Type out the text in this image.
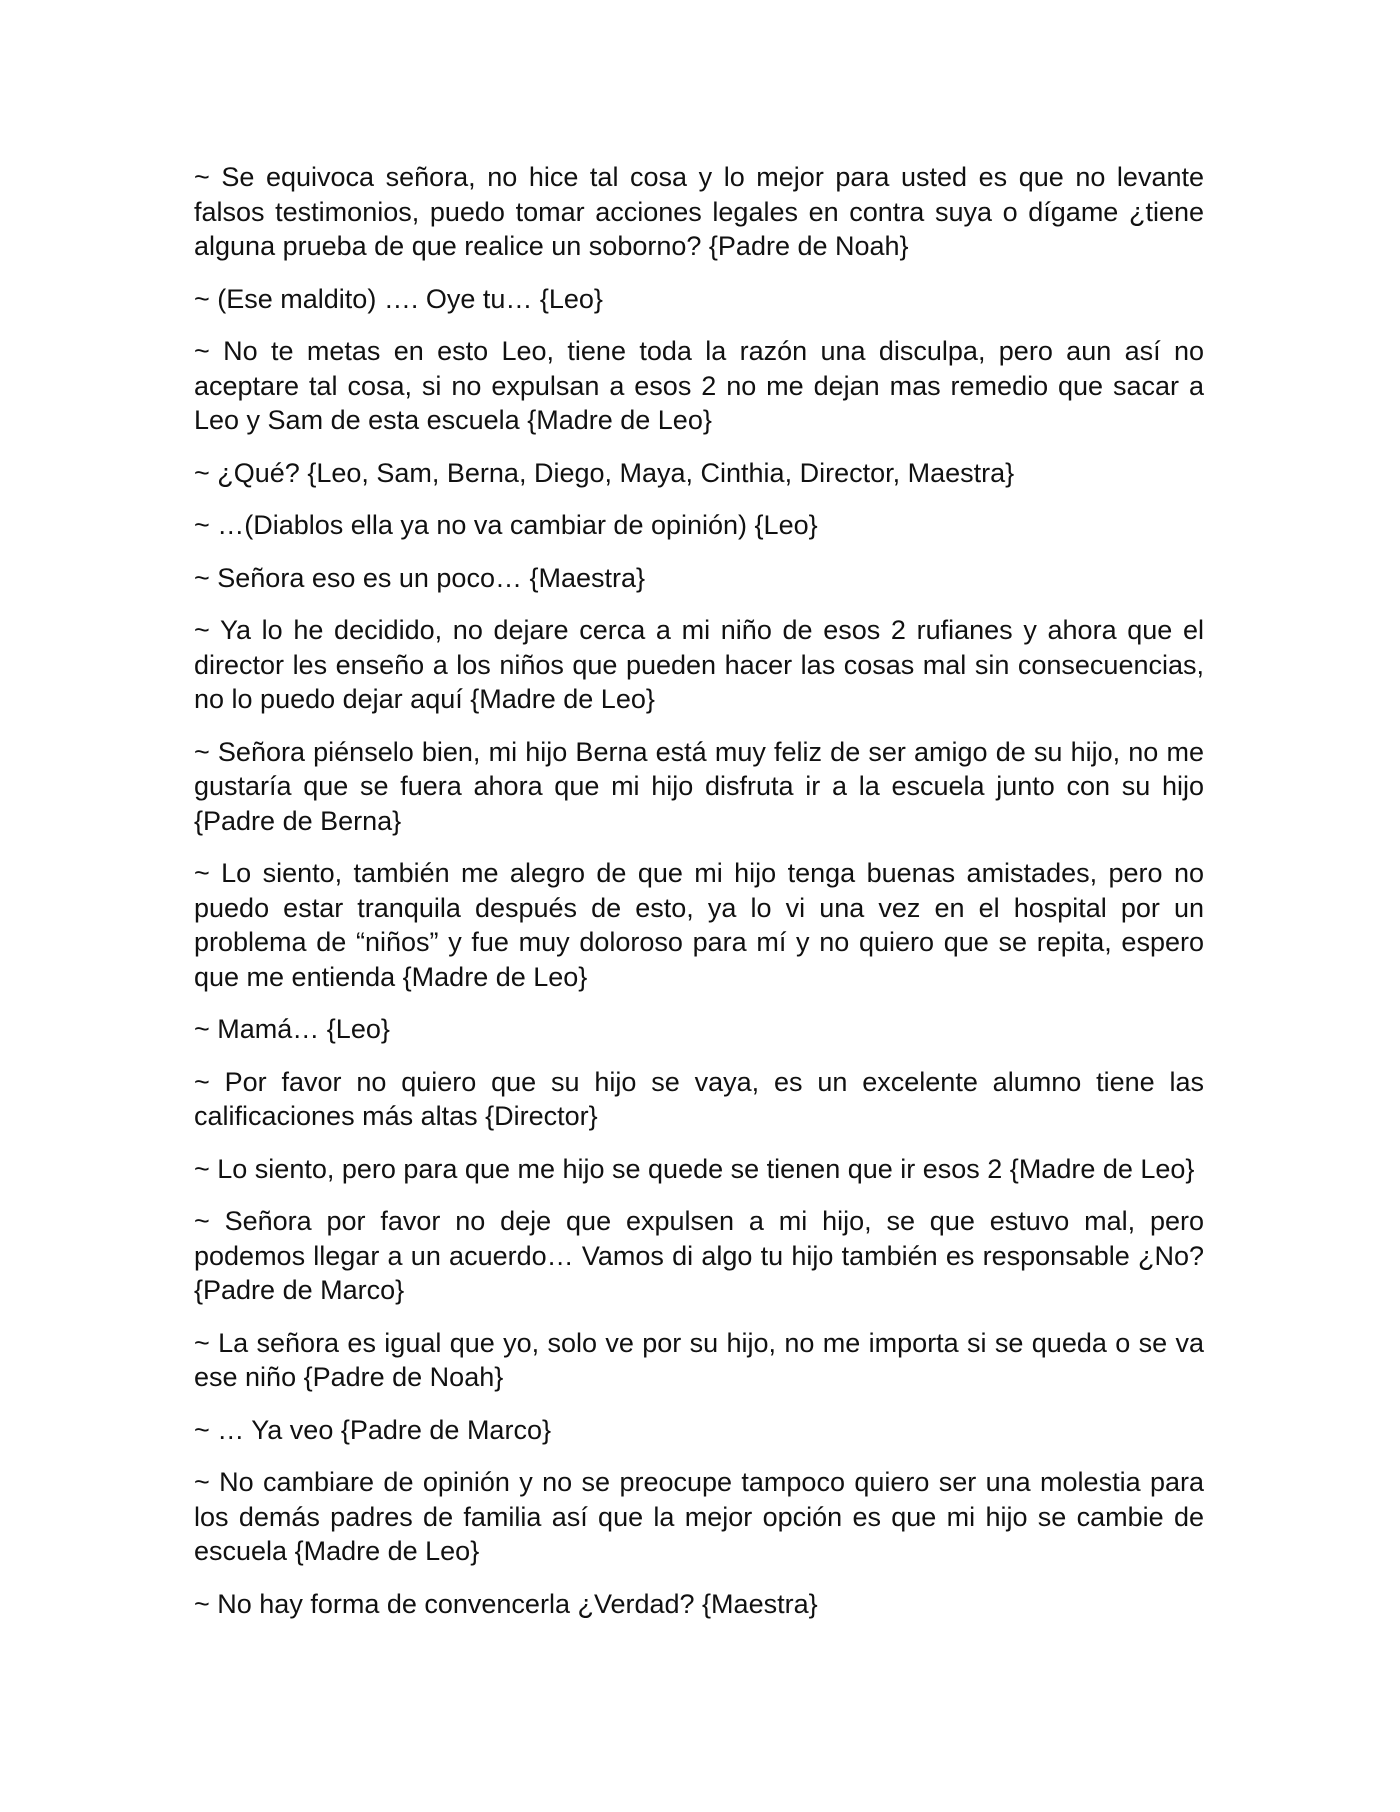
~ Se equivoca señora, no hice tal cosa y lo mejor para usted es que no levante falsos testimonios, puedo tomar acciones legales en contra suya o dígame ¿tiene alguna prueba de que realice un soborno? {Padre de Noah}

~ (Ese maldito) …. Oye tu… {Leo}

~ No te metas en esto Leo, tiene toda la razón una disculpa, pero aun así no aceptare tal cosa, si no expulsan a esos 2 no me dejan mas remedio que sacar a Leo y Sam de esta escuela {Madre de Leo}

~ ¿Qué? {Leo, Sam, Berna, Diego, Maya, Cinthia, Director, Maestra}

~ …(Diablos ella ya no va cambiar de opinión) {Leo}

~ Señora eso es un poco… {Maestra}

~ Ya lo he decidido, no dejare cerca a mi niño de esos 2 rufianes y ahora que el director les enseño a los niños que pueden hacer las cosas mal sin consecuencias, no lo puedo dejar aquí {Madre de Leo}

~ Señora piénselo bien, mi hijo Berna está muy feliz de ser amigo de su hijo, no me gustaría que se fuera ahora que mi hijo disfruta ir a la escuela junto con su hijo {Padre de Berna}

~ Lo siento, también me alegro de que mi hijo tenga buenas amistades, pero no puedo estar tranquila después de esto, ya lo vi una vez en el hospital por un problema de “niños” y fue muy doloroso para mí y no quiero que se repita, espero que me entienda {Madre de Leo}

~ Mamá… {Leo}

~ Por favor no quiero que su hijo se vaya, es un excelente alumno tiene las calificaciones más altas {Director}

~ Lo siento, pero para que me hijo se quede se tienen que ir esos 2 {Madre de Leo}

~ Señora por favor no deje que expulsen a mi hijo, se que estuvo mal, pero podemos llegar a un acuerdo… Vamos di algo tu hijo también es responsable ¿No? {Padre de Marco}

~ La señora es igual que yo, solo ve por su hijo, no me importa si se queda o se va ese niño {Padre de Noah}

~ … Ya veo {Padre de Marco}

~ No cambiare de opinión y no se preocupe tampoco quiero ser una molestia para los demás padres de familia así que la mejor opción es que mi hijo se cambie de escuela {Madre de Leo}

~ No hay forma de convencerla ¿Verdad? {Maestra}
